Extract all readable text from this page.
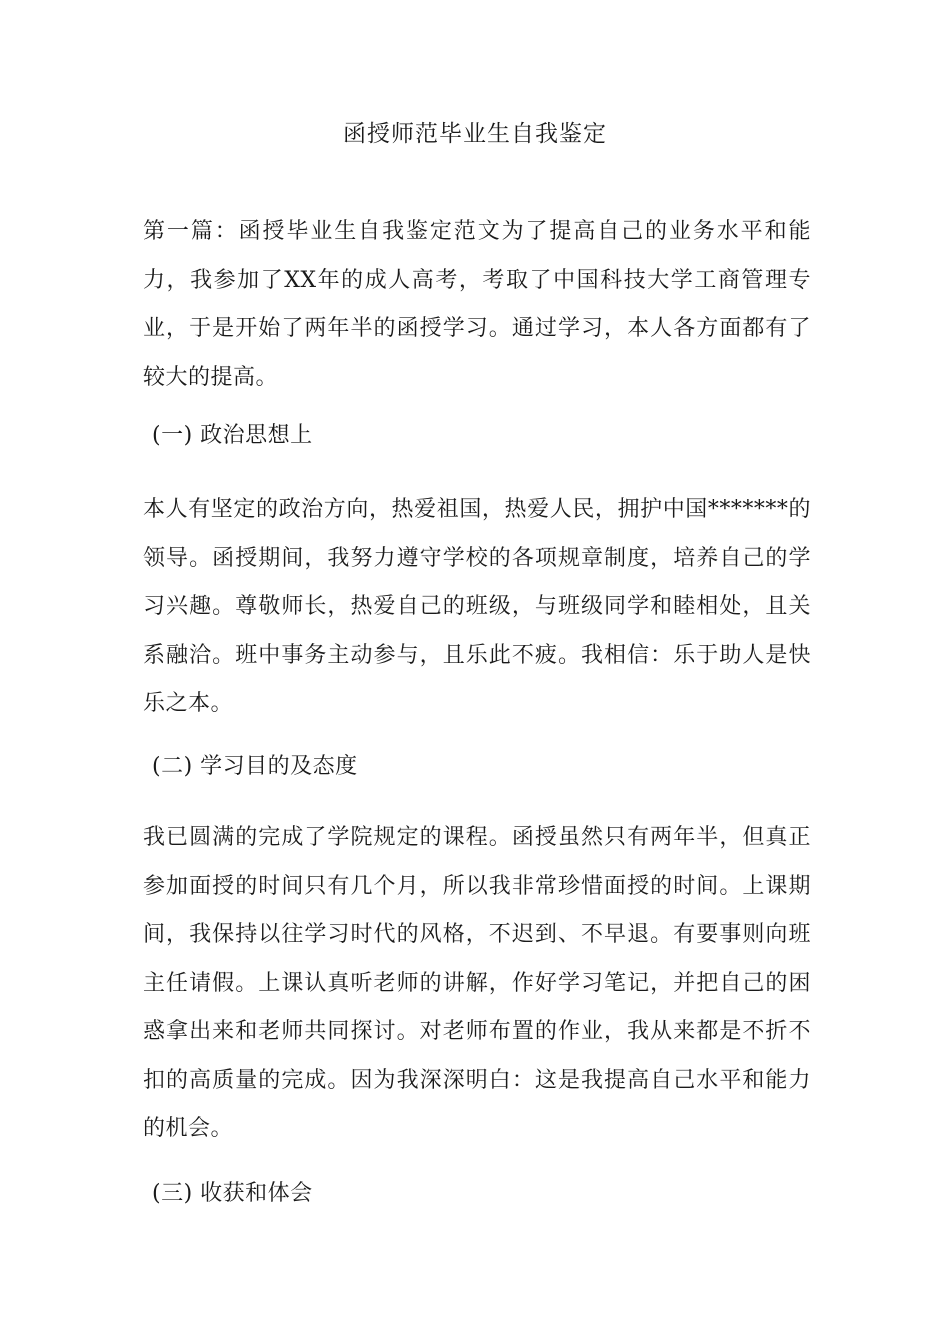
函授师范毕业生自我鉴定
第一篇：函授毕业生自我鉴定范文为了提高自己的业务水平和能力，我参加了XX年的成人高考，考取了中国科技大学工商管理专业，于是开始了两年半的函授学习。通过学习，本人各方面都有了较大的提高。
(一) 政治思想上
本人有坚定的政治方向，热爱祖国，热爱人民，拥护中国*******的领导。函授期间，我努力遵守学校的各项规章制度，培养自己的学习兴趣。尊敬师长，热爱自己的班级，与班级同学和睦相处，且关系融洽。班中事务主动参与，且乐此不疲。我相信：乐于助人是快乐之本。
(二) 学习目的及态度
我已圆满的完成了学院规定的课程。函授虽然只有两年半，但真正参加面授的时间只有几个月，所以我非常珍惜面授的时间。上课期间，我保持以往学习时代的风格，不迟到、不早退。有要事则向班主任请假。上课认真听老师的讲解，作好学习笔记，并把自己的困惑拿出来和老师共同探讨。对老师布置的作业，我从来都是不折不扣的高质量的完成。因为我深深明白：这是我提高自己水平和能力的机会。
(三) 收获和体会
